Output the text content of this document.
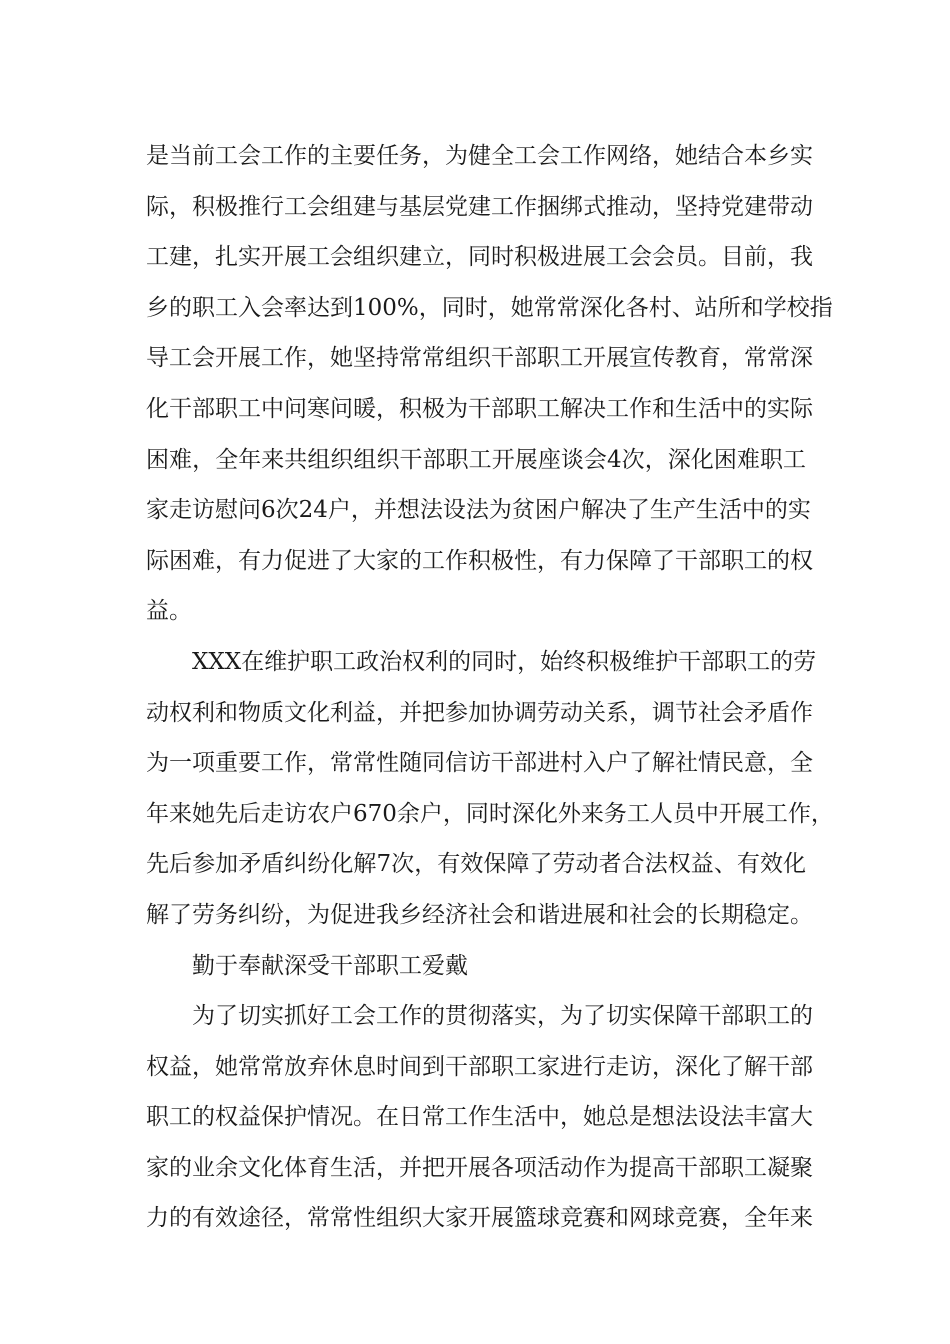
是当前工会工作的主要任务，为健全工会工作网络，她结合本乡实
际，积极推行工会组建与基层党建工作捆绑式推动，坚持党建带动
工建，扎实开展工会组织建立，同时积极进展工会会员。目前，我
乡的职工入会率达到100%，同时，她常常深化各村、站所和学校指
导工会开展工作，她坚持常常组织干部职工开展宣传教育，常常深
化干部职工中问寒问暖，积极为干部职工解决工作和生活中的实际
困难，全年来共组织组织干部职工开展座谈会4次，深化困难职工
家走访慰问6次24户，并想法设法为贫困户解决了生产生活中的实
际困难，有力促进了大家的工作积极性，有力保障了干部职工的权
益。
XXX在维护职工政治权利的同时，始终积极维护干部职工的劳
动权利和物质文化利益，并把参加协调劳动关系，调节社会矛盾作
为一项重要工作，常常性随同信访干部进村入户了解社情民意，全
年来她先后走访农户670余户，同时深化外来务工人员中开展工作，
先后参加矛盾纠纷化解7次，有效保障了劳动者合法权益、有效化
解了劳务纠纷，为促进我乡经济社会和谐进展和社会的长期稳定。
勤于奉献深受干部职工爱戴
为了切实抓好工会工作的贯彻落实，为了切实保障干部职工的
权益，她常常放弃休息时间到干部职工家进行走访，深化了解干部
职工的权益保护情况。在日常工作生活中，她总是想法设法丰富大
家的业余文化体育生活，并把开展各项活动作为提高干部职工凝聚
力的有效途径，常常性组织大家开展篮球竞赛和网球竞赛，全年来
